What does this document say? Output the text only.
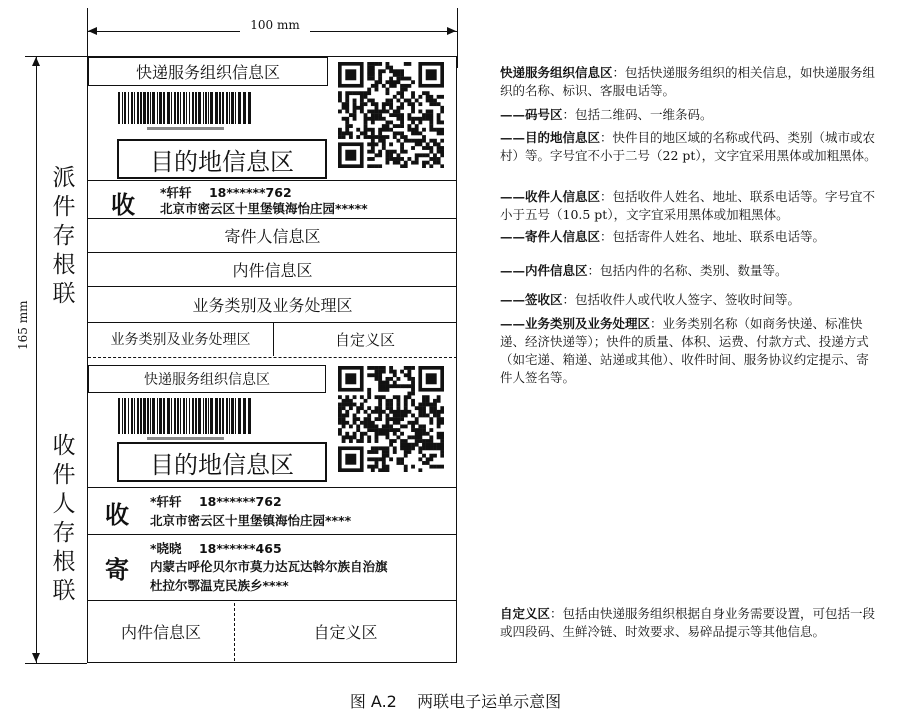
100 mm
165 mm
派件存根联
收件人存根联
快递服务组织信息区
目的地信息区
收	*轩轩    18******762
北京市密云区十里堡镇海怡庄园*****
寄件人信息区
内件信息区
业务类别及业务处理区
业务类别及业务处理区	自定义区
快递服务组织信息区
目的地信息区
收	*轩轩    18******762
北京市密云区十里堡镇海怡庄园****
寄
*晓晓    18******465
内蒙古呼伦贝尔市莫力达瓦达斡尔族自治旗
杜拉尔鄂温克民族乡****
内件信息区	自定义区
快递服务组织信息区：包括快递服务组织的相关信息，如快递服务组织的名称、标识、客服电话等。
——码号区：包括二维码、一维条码。
——目的地信息区：快件目的地区域的名称或代码、类别（城市或农村）等。字号宜不小于二号（22 pt），文字宜采用黑体或加粗黑体。
——收件人信息区：包括收件人姓名、地址、联系电话等。字号宜不小于五号（10.5 pt），文字宜采用黑体或加粗黑体。
——寄件人信息区：包括寄件人姓名、地址、联系电话等。
——内件信息区：包括内件的名称、类别、数量等。
——签收区：包括收件人或代收人签字、签收时间等。
——业务类别及业务处理区：业务类别名称（如商务快递、标准快递、经济快递等）；快件的质量、体积、运费、付款方式、投递方式（如宅递、箱递、站递或其他）、收件时间、服务协议约定提示、寄件人签名等。
自定义区：包括由快递服务组织根据自身业务需要设置，可包括一段或四段码、生鲜冷链、时效要求、易碎品提示等其他信息。
图 A.2    两联电子运单示意图
